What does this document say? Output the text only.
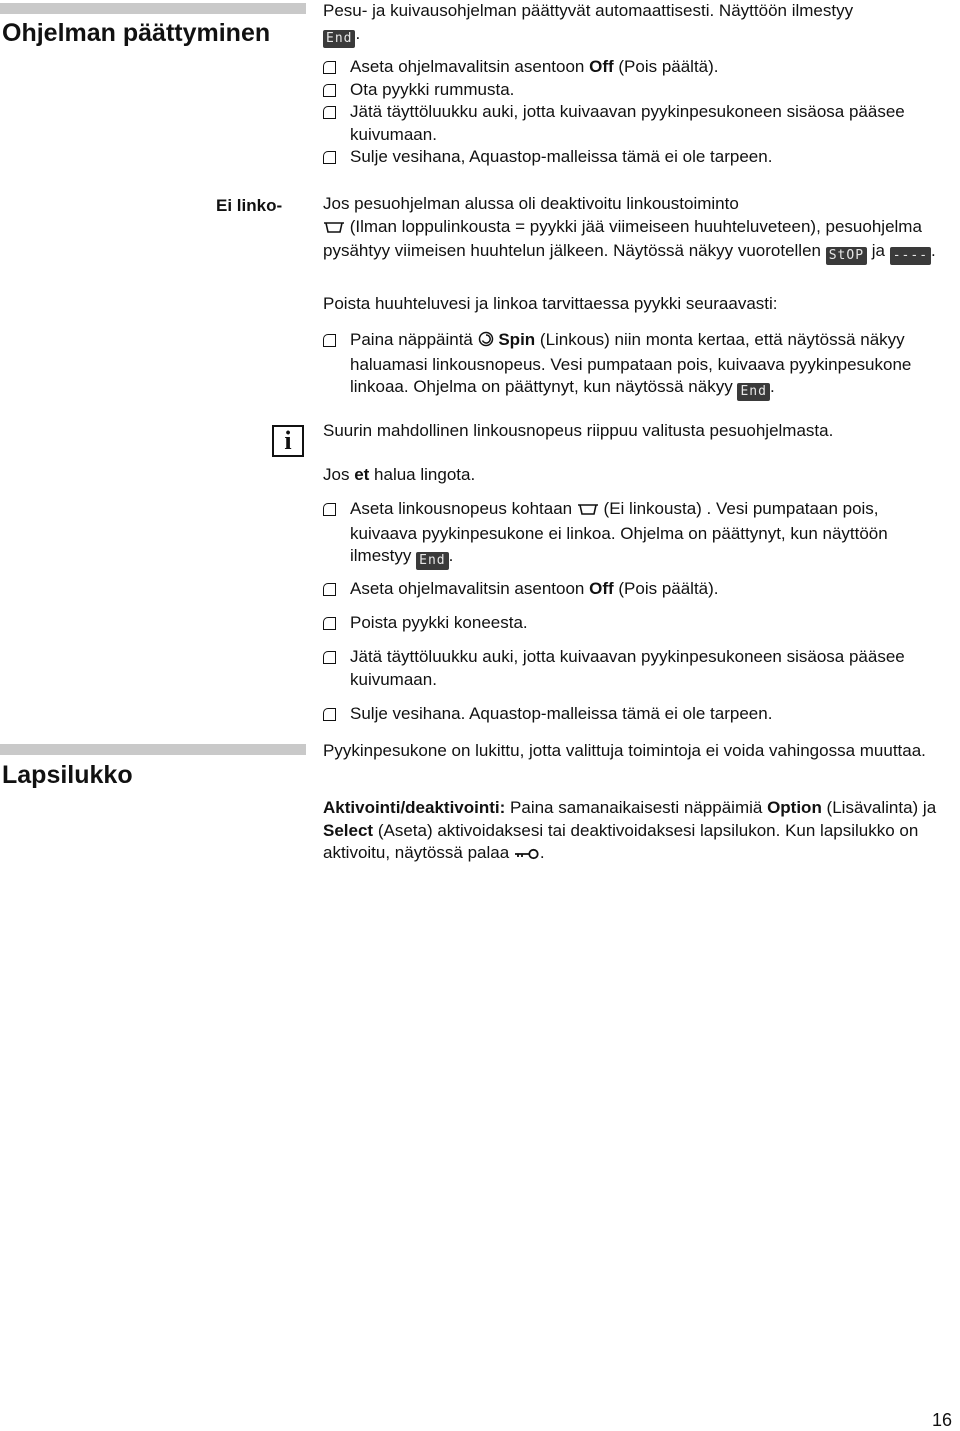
Ohjelman päättyminen
Pesu- ja kuivausohjelman päättyvät automaattisesti. Näyttöön ilmestyy
End .
Aseta ohjelmavalitsin asentoon Off (Pois päältä).
Ota pyykki rummusta.
Jätä täyttöluukku auki, jotta kuivaavan pyykinpesukoneen sisäosa pääsee kuivumaan.
Sulje vesihana, Aquastop-malleissa tämä ei ole tarpeen.
Ei linko- Jos pesuohjelman alussa oli deaktivoitu linkoustoiminto
(Ilman loppulinkousta = pyykki jää viimeiseen huuhteluveteen), pesuohjelma pysähtyy viimeisen huuhtelun jälkeen. Näytössä näkyy vuorotellen StOP ja ---- .
Poista huuhteluvesi ja linkoa tarvittaessa pyykki seuraavasti:
Paina näppäintä  Spin (Linkous) niin monta kertaa, että näytössä näkyy haluamasi linkousnopeus. Vesi pumpataan pois, kuivaava pyykinpesukone linkoaa. Ohjelma on päättynyt, kun näytössä näkyy End .
i	Suurin mahdollinen linkousnopeus riippuu valitusta pesuohjelmasta.
Jos et halua lingota.
Aseta linkousnopeus kohtaan  (Ei linkousta) . Vesi pumpataan pois, kuivaava pyykinpesukone ei linkoa. Ohjelma on päättynyt, kun näyttöön ilmestyy End .
Aseta ohjelmavalitsin asentoon Off (Pois päältä).
Poista pyykki koneesta.
Jätä täyttöluukku auki, jotta kuivaavan pyykinpesukoneen sisäosa pääsee kuivumaan.
Sulje vesihana. Aquastop-malleissa tämä ei ole tarpeen.
Lapsilukko
Pyykinpesukone on lukittu, jotta valittuja toimintoja ei voida vahingossa muuttaa.
Aktivointi/deaktivointi: Paina samanaikaisesti näppäimiä Option (Lisävalinta) ja Select (Aseta) aktivoidaksesi tai deaktivoidaksesi lapsilukon. Kun lapsilukko on aktivoitu, näytössä palaa .
16
